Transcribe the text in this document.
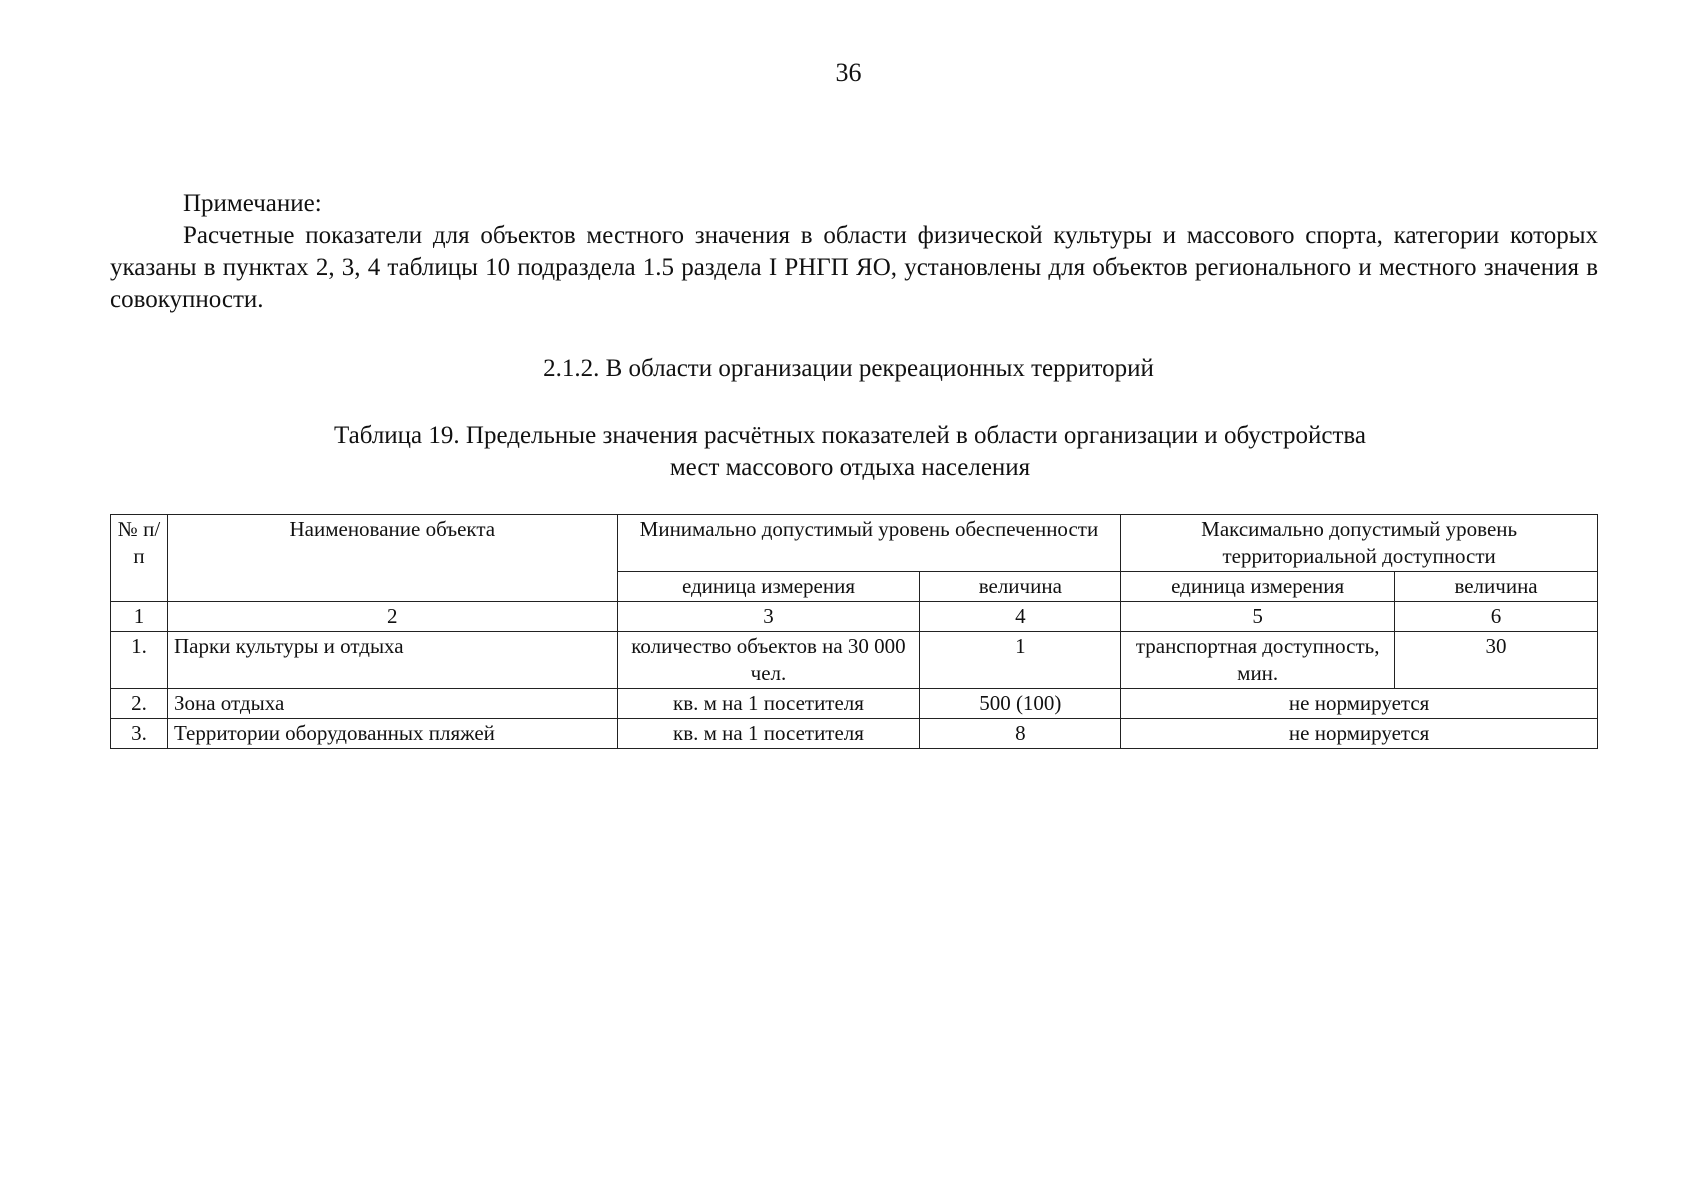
36
Примечание:
Расчетные показатели для объектов местного значения в области физической культуры и массового спорта, категории которых указаны в пунктах 2, 3, 4 таблицы 10 подраздела 1.5 раздела I РНГП ЯО, установлены для объектов регионального и местного значения в совокупности.
2.1.2. В области организации рекреационных территорий
Таблица 19. Предельные значения расчётных показателей в области организации и обустройства
мест массового отдыха населения
№ п/п	Наименование объекта	Минимально допустимый уровень обеспеченности		Максимально допустимый уровень территориальной доступности	
		единица измерения	величина	единица измерения	величина
1	2	3	4	5	6
1.	Парки культуры и отдыха	количество объектов на 30 000 чел.	1	транспортная доступность, мин.	30
2.	Зона отдыха	кв. м на 1 посетителя	500 (100)	не нормируется	
3.	Территории оборудованных пляжей	кв. м на 1 посетителя	8	не нормируется	
